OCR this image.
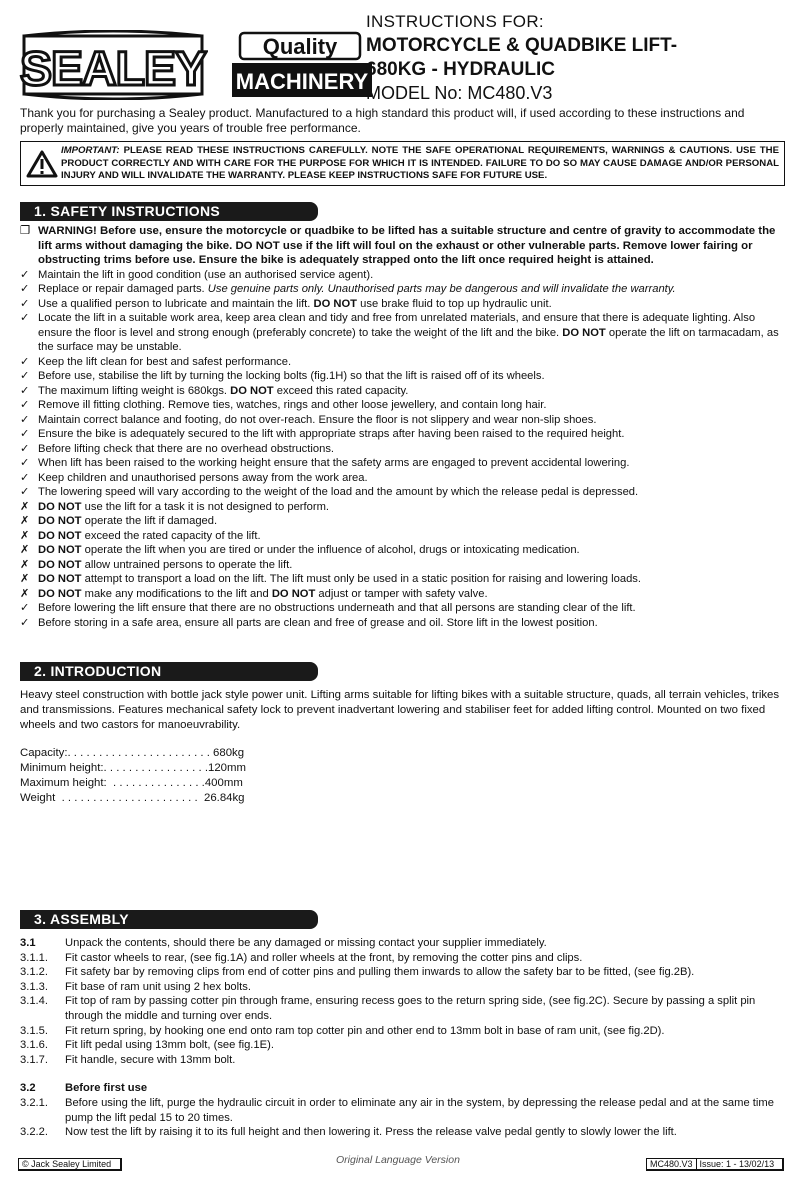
SEALEY	Quality
MACHINERY
INSTRUCTIONS FOR:
MOTORCYCLE & QUADBIKE LIFT-
680KG - HYDRAULIC
MODEL No: MC480.V3
Thank you for purchasing a Sealey product. Manufactured to a high standard this product will, if used according to these instructions and properly maintained, give you years of trouble free performance.
IMPORTANT: PLEASE READ THESE INSTRUCTIONS CAREFULLY. NOTE THE SAFE OPERATIONAL REQUIREMENTS, WARNINGS & CAUTIONS. USE THE PRODUCT CORRECTLY AND WITH CARE FOR THE PURPOSE FOR WHICH IT IS INTENDED. FAILURE TO DO SO MAY CAUSE DAMAGE AND/OR PERSONAL INJURY AND WILL INVALIDATE THE WARRANTY. PLEASE KEEP INSTRUCTIONS SAFE FOR FUTURE USE.
1. SAFETY INSTRUCTIONS
❐ WARNING! Before use, ensure the motorcycle or quadbike to be lifted has a suitable structure and centre of gravity to accommodate the lift arms without damaging the bike. DO NOT use if the lift will foul on the exhaust or other vulnerable parts. Remove lower fairing or obstructing trims before use. Ensure the bike is adequately strapped onto the lift once required height is attained.
✓ Maintain the lift in good condition (use an authorised service agent).
✓ Replace or repair damaged parts. Use genuine parts only. Unauthorised parts may be dangerous and will invalidate the warranty.
✓ Use a qualified person to lubricate and maintain the lift. DO NOT use brake fluid to top up hydraulic unit.
✓ Locate the lift in a suitable work area, keep area clean and tidy and free from unrelated materials, and ensure that there is adequate lighting. Also ensure the floor is level and strong enough (preferably concrete) to take the weight of the lift and the bike. DO NOT operate the lift on tarmacadam, as the surface may be unstable.
✓ Keep the lift clean for best and safest performance.
✓ Before use, stabilise the lift by turning the locking bolts (fig.1H) so that the lift is raised off of its wheels.
✓ The maximum lifting weight is 680kgs. DO NOT exceed this rated capacity.
✓ Remove ill fitting clothing. Remove ties, watches, rings and other loose jewellery, and contain long hair.
✓ Maintain correct balance and footing, do not over-reach. Ensure the floor is not slippery and wear non-slip shoes.
✓ Ensure the bike is adequately secured to the lift with appropriate straps after having been raised to the required height.
✓ Before lifting check that there are no overhead obstructions.
✓ When lift has been raised to the working height ensure that the safety arms are engaged to prevent accidental lowering.
✓ Keep children and unauthorised persons away from the work area.
✓ The lowering speed will vary according to the weight of the load and the amount by which the release pedal is depressed.
✗ DO NOT use the lift for a task it is not designed to perform.
✗ DO NOT operate the lift if damaged.
✗ DO NOT exceed the rated capacity of the lift.
✗ DO NOT operate the lift when you are tired or under the influence of alcohol, drugs or intoxicating medication.
✗ DO NOT allow untrained persons to operate the lift.
✗ DO NOT attempt to transport a load on the lift. The lift must only be used in a static position for raising and lowering loads.
✗ DO NOT make any modifications to the lift and DO NOT adjust or tamper with safety valve.
✓ Before lowering the lift ensure that there are no obstructions underneath and that all persons are standing clear of the lift.
✓ Before storing in a safe area, ensure all parts are clean and free of grease and oil. Store lift in the lowest position.
2. INTRODUCTION
Heavy steel construction with bottle jack style power unit. Lifting arms suitable for lifting bikes with a suitable structure, quads, all terrain vehicles, trikes and transmissions. Features mechanical safety lock to prevent inadvertant lowering and stabiliser feet for added lifting control. Mounted on two fixed wheels and two castors for manoeuvrability.
Capacity:. . . . . . . . . . . . . . . . . . . . . . . 680kg
Minimum height:. . . . . . . . . . . . . . . . .120mm
Maximum height:  . . . . . . . . . . . . . . .400mm
Weight  . . . . . . . . . . . . . . . . . . . . . .  26.84kg
3. ASSEMBLY
3.1	Unpack the contents, should there be any damaged or missing contact your supplier immediately.
3.1.1. Fit castor wheels to rear, (see fig.1A) and roller wheels at the front, by removing the cotter pins and clips.
3.1.2. Fit safety bar by removing clips from end of cotter pins and pulling them inwards to allow the safety bar to be fitted, (see fig.2B).
3.1.3. Fit base of ram unit using 2 hex bolts.
3.1.4. Fit top of ram by passing cotter pin through frame, ensuring recess goes to the return spring side, (see fig.2C). Secure by passing a split pin through the middle and turning over ends.
3.1.5. Fit return spring, by hooking one end onto ram top cotter pin and other end to 13mm bolt in base of ram unit, (see fig.2D).
3.1.6. Fit lift pedal using 13mm bolt, (see fig.1E).
3.1.7. Fit handle, secure with 13mm bolt.
3.2	Before first use
3.2.1. Before using the lift, purge the hydraulic circuit in order to eliminate any air in the system, by depressing the release pedal and at the same time pump the lift pedal 15 to 20 times.
3.2.2. Now test the lift by raising it to its full height and then lowering it. Press the release valve pedal gently to slowly lower the lift.
© Jack Sealey Limited	Original Language Version	MC480.V3 Issue: 1 - 13/02/13
